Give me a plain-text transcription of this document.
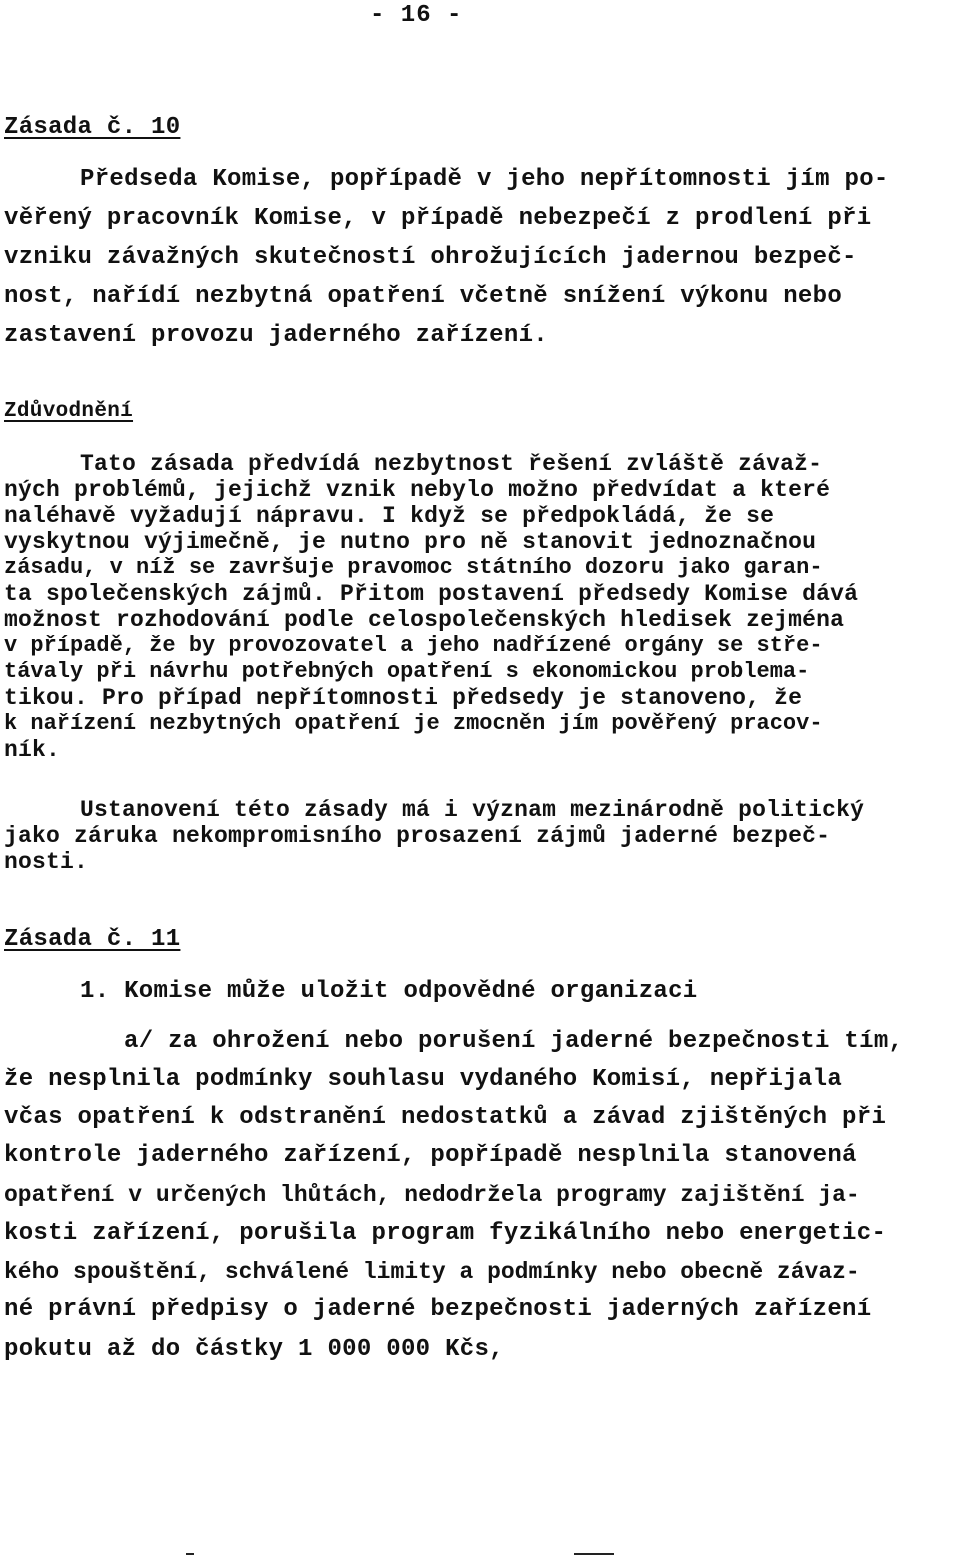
- 16 -
Zásada č. 10
Předseda Komise, popřípadě v jeho nepřítomnosti jím po-
věřený pracovník Komise, v případě nebezpečí z prodlení při
vzniku závažných skutečností ohrožujících jadernou bezpeč-
nost, nařídí nezbytná opatření včetně snížení výkonu nebo
zastavení provozu jaderného zařízení.
Zdůvodnění
Tato zásada předvídá nezbytnost řešení zvláště závaž-
ných problémů, jejichž vznik nebylo možno předvídat a které
naléhavě vyžadují nápravu. I když se předpokládá, že se
vyskytnou výjimečně, je nutno pro ně stanovit jednoznačnou
zásadu, v níž se završuje pravomoc státního dozoru jako garan-
ta společenských zájmů. Přitom postavení předsedy Komise dává
možnost rozhodování podle celospolečenských hledisek zejména
v případě, že by provozovatel a jeho nadřízené orgány se stře-
távaly při návrhu potřebných opatření s ekonomickou problema-
tikou. Pro případ nepřítomnosti předsedy je stanoveno, že
k nařízení nezbytných opatření je zmocněn jím pověřený pracov-
ník.
Ustanovení této zásady má i význam mezinárodně politický
jako záruka nekompromisního prosazení zájmů jaderné bezpeč-
nosti.
Zásada č. 11
1. Komise může uložit odpovědné organizaci
a/ za ohrožení nebo porušení jaderné bezpečnosti tím,
že nesplnila podmínky souhlasu vydaného Komisí, nepřijala
včas opatření k odstranění nedostatků a závad zjištěných při
kontrole jaderného zařízení, popřípadě nesplnila stanovená
opatření v určených lhůtách, nedodržela programy zajištění ja-
kosti zařízení, porušila program fyzikálního nebo energetic-
kého spouštění, schválené limity a podmínky nebo obecně závaz-
né právní předpisy o jaderné bezpečnosti jaderných zařízení
pokutu až do částky 1 000 000 Kčs,
